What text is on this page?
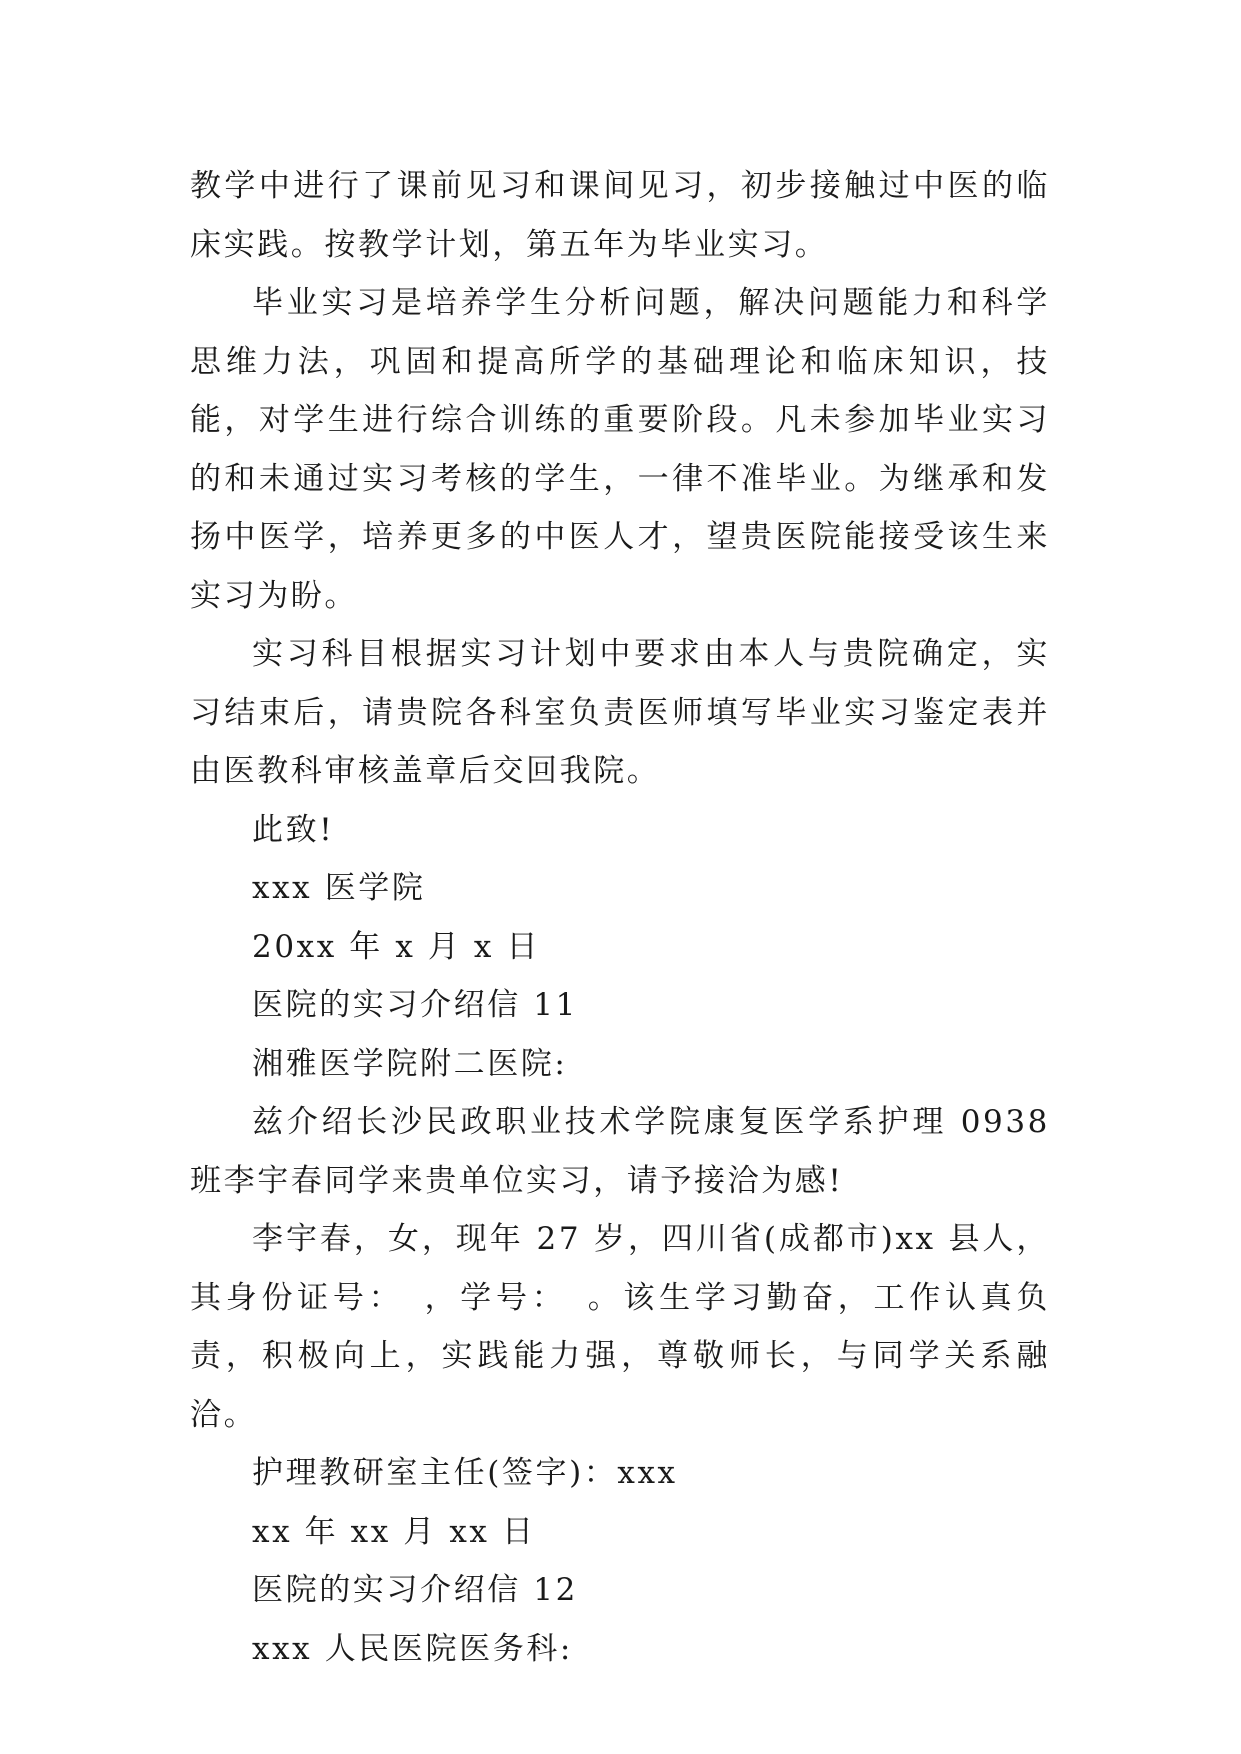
教学中进行了课前见习和课间见习，初步接触过中医的临床实践。按教学计划，第五年为毕业实习。

毕业实习是培养学生分析问题，解决问题能力和科学思维力法，巩固和提高所学的基础理论和临床知识，技能，对学生进行综合训练的重要阶段。凡未参加毕业实习的和未通过实习考核的学生，一律不准毕业。为继承和发扬中医学，培养更多的中医人才，望贵医院能接受该生来实习为盼。

实习科目根据实习计划中要求由本人与贵院确定，实习结束后，请贵院各科室负责医师填写毕业实习鉴定表并由医教科审核盖章后交回我院。

此致!

xxx 医学院

20xx 年 x 月 x 日

医院的实习介绍信 11

湘雅医学院附二医院:

兹介绍长沙民政职业技术学院康复医学系护理 0938 班李宇春同学来贵单位实习，请予接洽为感!

李宇春，女，现年 27 岁，四川省(成都市)xx 县人，其身份证号：　，学号：　。该生学习勤奋，工作认真负责，积极向上，实践能力强，尊敬师长，与同学关系融洽。

护理教研室主任(签字)：xxx

xx 年 xx 月 xx 日

医院的实习介绍信 12

xxx 人民医院医务科:
